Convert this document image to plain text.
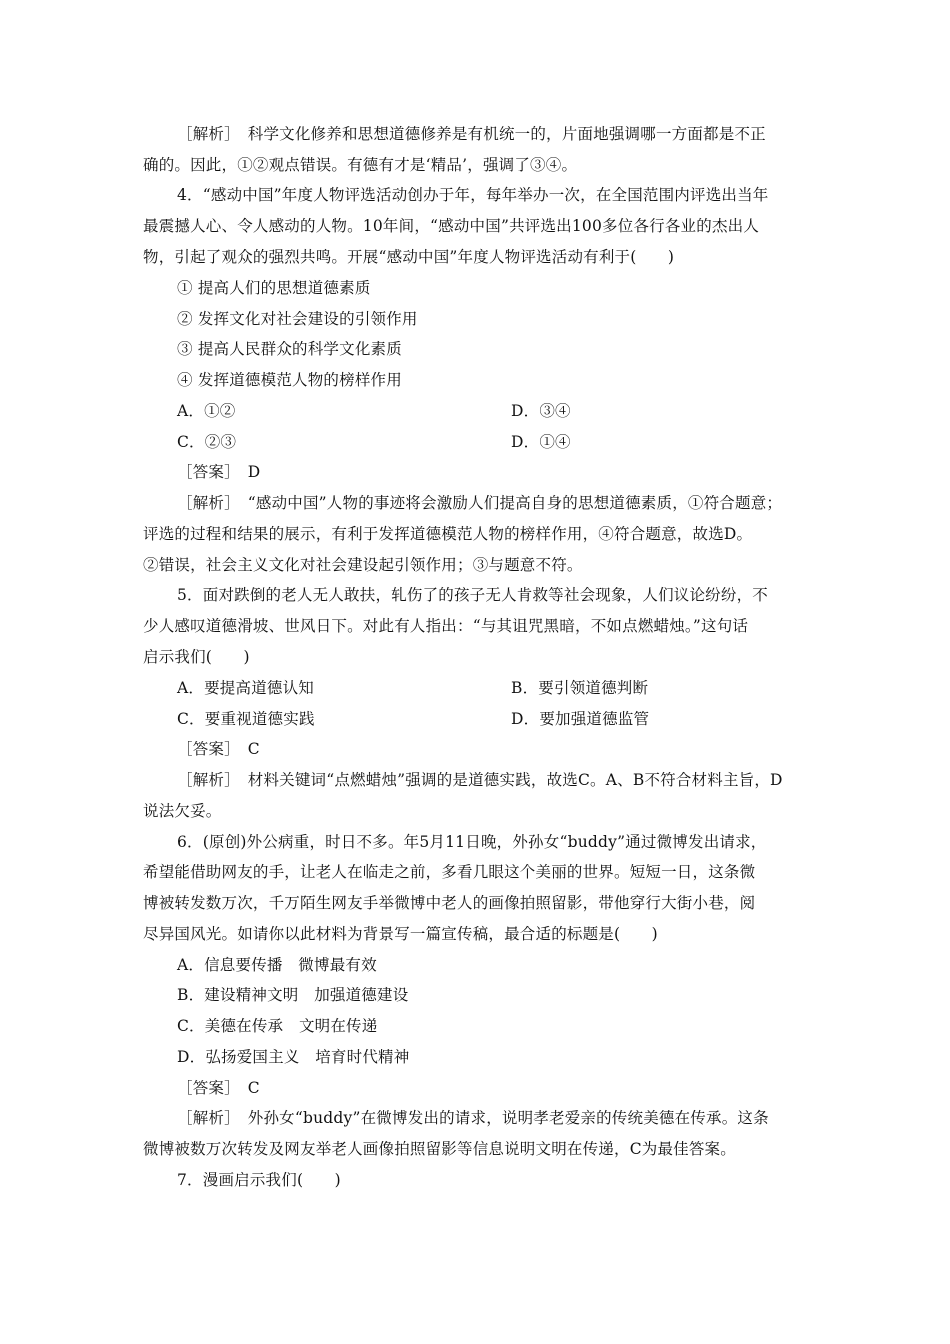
［解析］　科学文化修养和思想道德修养是有机统一的，片面地强调哪一方面都是不正
确的。因此，①②观点错误。有德有才是‘精品’，强调了③④。
4．“感动中国”年度人物评选活动创办于年，每年举办一次，在全国范围内评选出当年
最震撼人心、令人感动的人物。10年间，“感动中国”共评选出100多位各行各业的杰出人
物，引起了观众的强烈共鸣。开展“感动中国”年度人物评选活动有利于(　　)
① 提高人们的思想道德素质
② 发挥文化对社会建设的引领作用
③ 提高人民群众的科学文化素质
④ 发挥道德模范人物的榜样作用
A．①②	D．③④
C．②③	D．①④
［答案］　D
［解析］　“感动中国”人物的事迹将会激励人们提高自身的思想道德素质，①符合题意；
评选的过程和结果的展示，有利于发挥道德模范人物的榜样作用，④符合题意，故选D。
②错误，社会主义文化对社会建设起引领作用；③与题意不符。
5．面对跌倒的老人无人敢扶，轧伤了的孩子无人肯救等社会现象，人们议论纷纷，不
少人感叹道德滑坡、世风日下。对此有人指出：“与其诅咒黑暗，不如点燃蜡烛。”这句话
启示我们(　　)
A．要提高道德认知	B．要引领道德判断
C．要重视道德实践	D．要加强道德监管
［答案］　C
［解析］　材料关键词“点燃蜡烛”强调的是道德实践，故选C。A、B不符合材料主旨，D
说法欠妥。
6．(原创)外公病重，时日不多。年5月11日晚，外孙女“buddy”通过微博发出请求，
希望能借助网友的手，让老人在临走之前，多看几眼这个美丽的世界。短短一日，这条微
博被转发数万次，千万陌生网友手举微博中老人的画像拍照留影，带他穿行大街小巷，阅
尽异国风光。如请你以此材料为背景写一篇宣传稿，最合适的标题是(　　)
A．信息要传播　微博最有效
B．建设精神文明　加强道德建设
C．美德在传承　文明在传递
D．弘扬爱国主义　培育时代精神
［答案］　C
［解析］　外孙女“buddy”在微博发出的请求，说明孝老爱亲的传统美德在传承。这条
微博被数万次转发及网友举老人画像拍照留影等信息说明文明在传递，C为最佳答案。
7．漫画启示我们(　　)
